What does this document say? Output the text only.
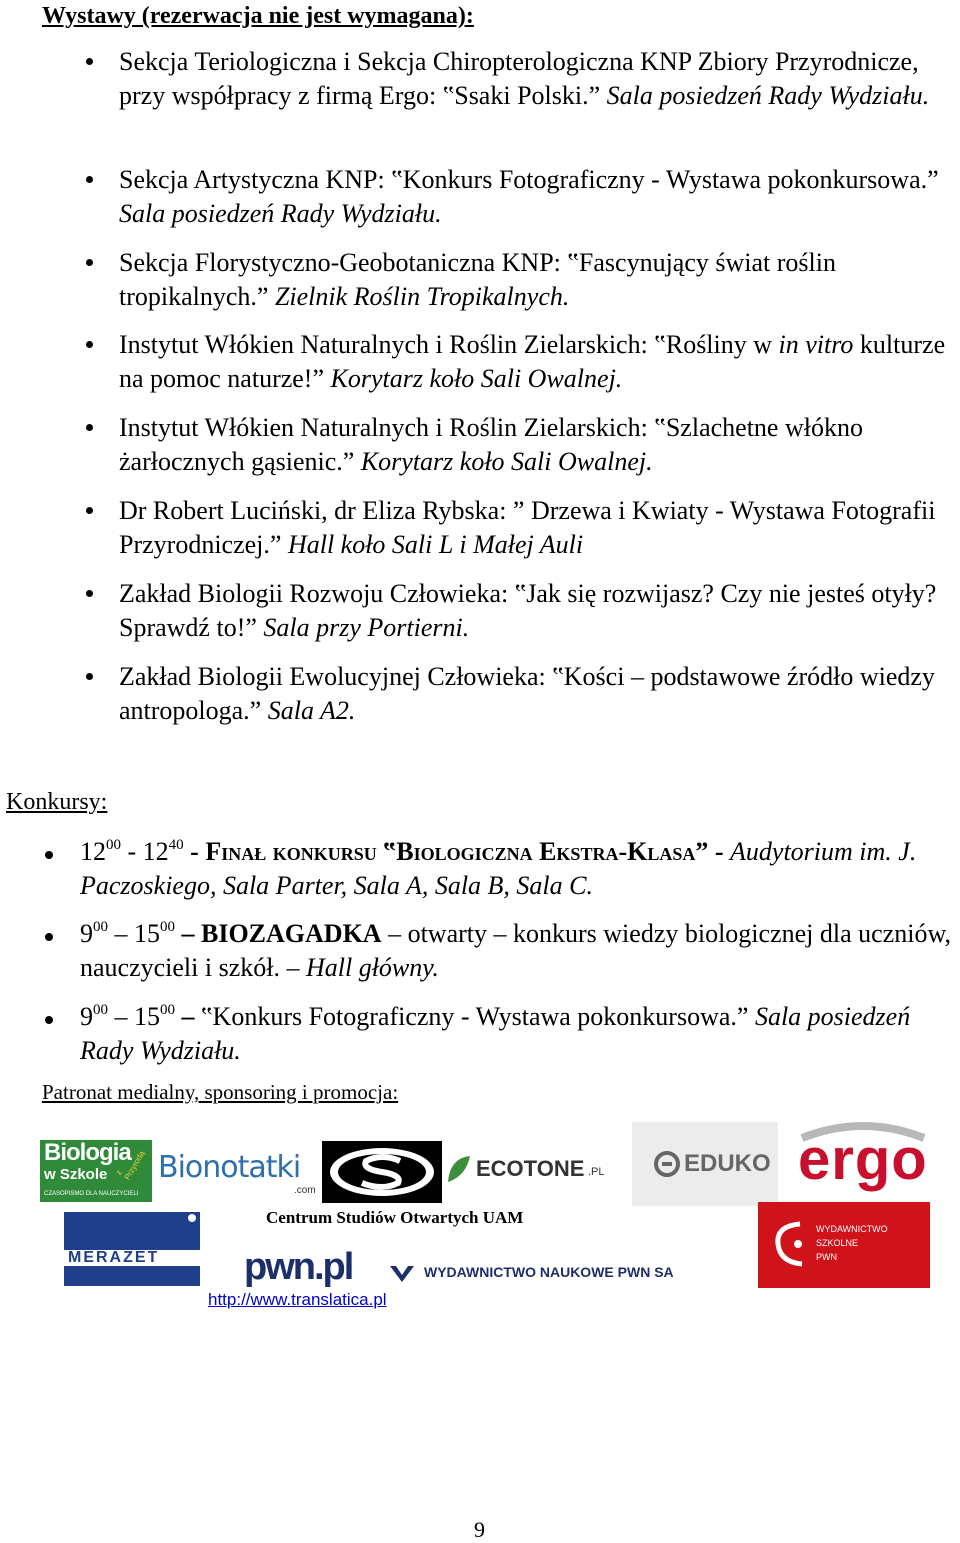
Wystawy (rezerwacja nie jest wymagana):
Sekcja Teriologiczna i Sekcja Chiropterologiczna KNP Zbiory Przyrodnicze, przy współpracy z firmą Ergo: ‟Ssaki Polski.” Sala posiedzeń Rady Wydziału.
Sekcja Artystyczna KNP: ‟Konkurs Fotograficzny - Wystawa pokonkursowa.” Sala posiedzeń Rady Wydziału.
Sekcja Florystyczno-Geobotaniczna KNP: ‟Fascynujący świat roślin tropikalnych.” Zielnik Roślin Tropikalnych.
Instytut Włókien Naturalnych i Roślin Zielarskich: ‟Rośliny w in vitro kulturze na pomoc naturze!” Korytarz koło Sali Owalnej.
Instytut Włókien Naturalnych i Roślin Zielarskich: ‟Szlachetne włókno żarłocznych gąsienic.” Korytarz koło Sali Owalnej.
Dr Robert Luciński, dr Eliza Rybska: ” Drzewa i Kwiaty - Wystawa Fotografii Przyrodniczej.” Hall koło Sali L i Małej Auli
Zakład Biologii Rozwoju Człowieka: ‟Jak się rozwijasz? Czy nie jesteś otyły? Sprawdź to!” Sala przy Portierni.
Zakład Biologii Ewolucyjnej Człowieka: ‟Kości – podstawowe źródło wiedzy antropologa.” Sala A2.
Konkursy:
$12^{00} - 12^{40}$ - Finał konkursu ‟Biologiczna Ekstra-Klasa” - Audytorium im. J. Paczoskiego, Sala Parter, Sala A, Sala B, Sala C.
$9^{00} - 15^{00}$ – BIOZAGADKA – otwarty – konkurs wiedzy biologicznej dla uczniów, nauczycieli i szkół. – Hall główny.
$9^{00} - 15^{00}$ – ‟Konkurs Fotograficzny - Wystawa pokonkursowa.” Sala posiedzeń Rady Wydziału.
Patronat medialny, sponsoring i promocja:
Biologia
w Szkole z Przyrodą
CZASOPISMO DLA NAUCZYCIELI
Bionotatki
.com
ECOTONE .PL	EDUKO ergo
MERAZET
Centrum Studiów Otwartych UAM
pwn.pl	WYDAWNICTWO NAUKOWE PWN SA
WYDAWNICTWO
SZKOLNE
PWN
http://www.translatica.pl
9
